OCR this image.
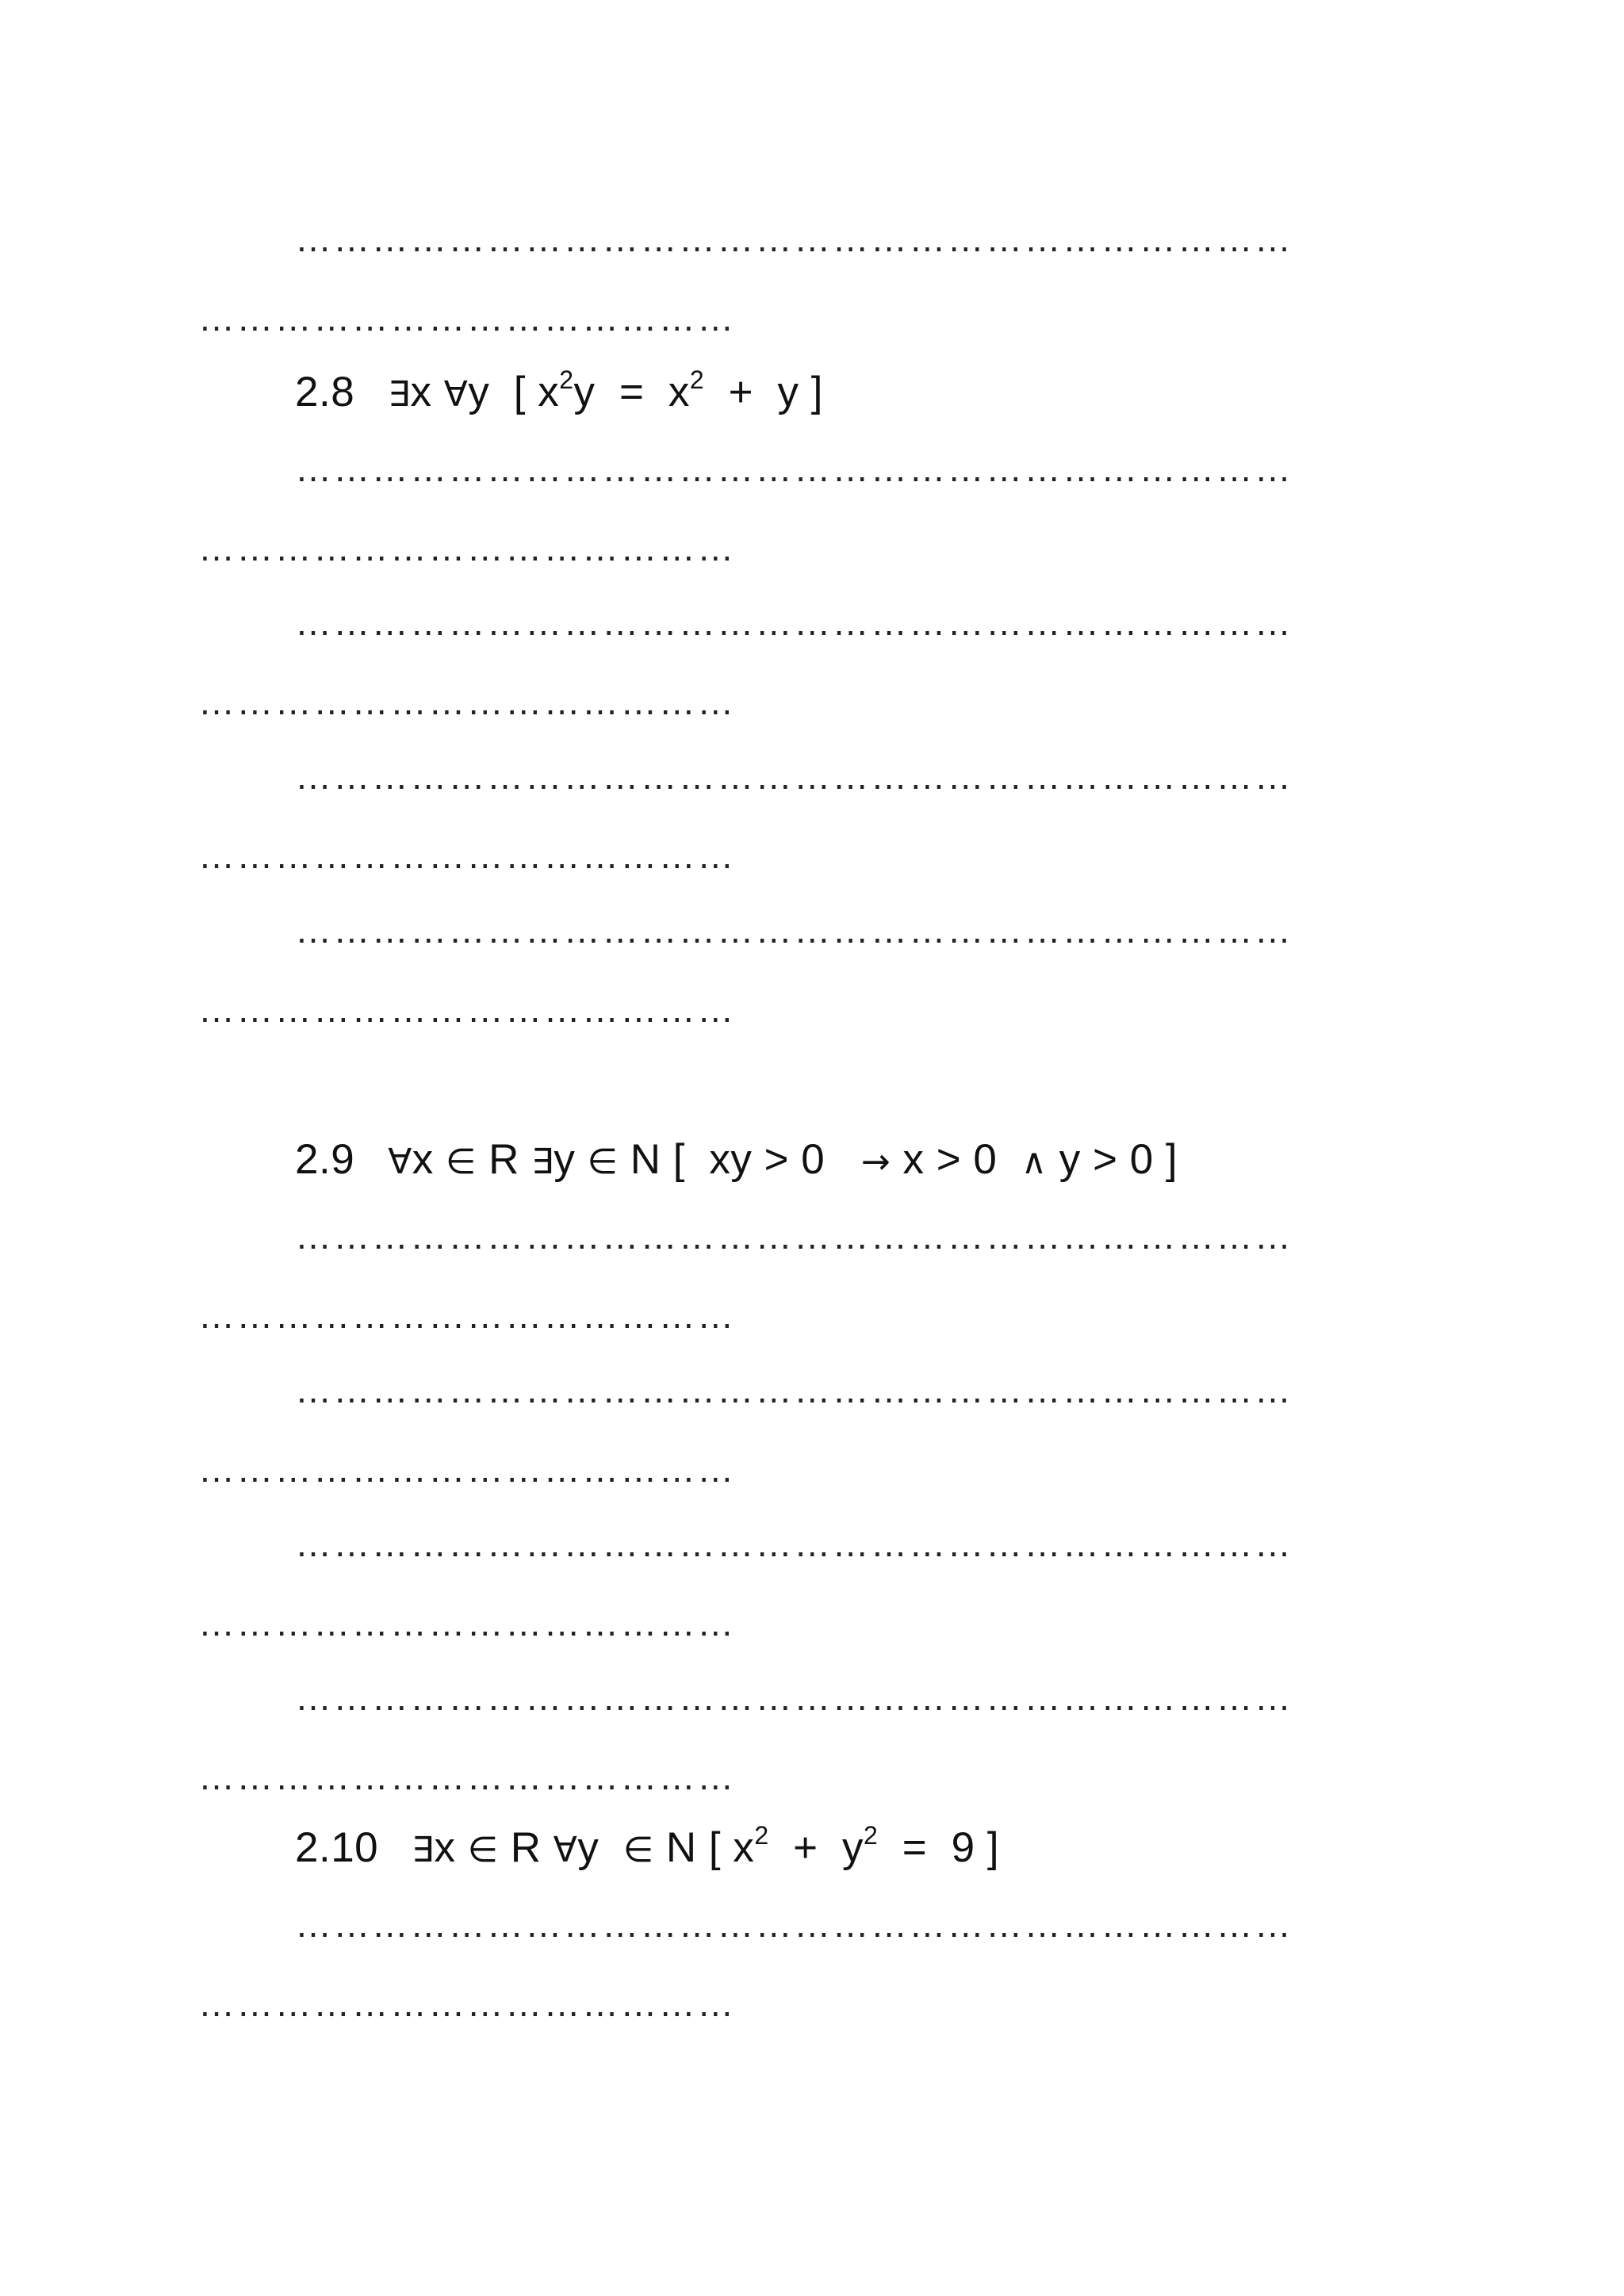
……………………………………………………………………
……………………………………
2.8 ∃x ∀y  [ $x^2y = x^2 + y$ ]
……………………………………………………………………
……………………………………
……………………………………………………………………
……………………………………
……………………………………………………………………
……………………………………
……………………………………………………………………
……………………………………
2.9 ∀x ∈ R ∃y ∈ N [  xy > 0   → x > 0  ∧ y > 0 ]
……………………………………………………………………
……………………………………
……………………………………………………………………
……………………………………
……………………………………………………………………
……………………………………
……………………………………………………………………
……………………………………
2.10 ∃x ∈ R ∀y  ∈ N [ $x^2 + y^2 = 9$ ]
……………………………………………………………………
……………………………………
